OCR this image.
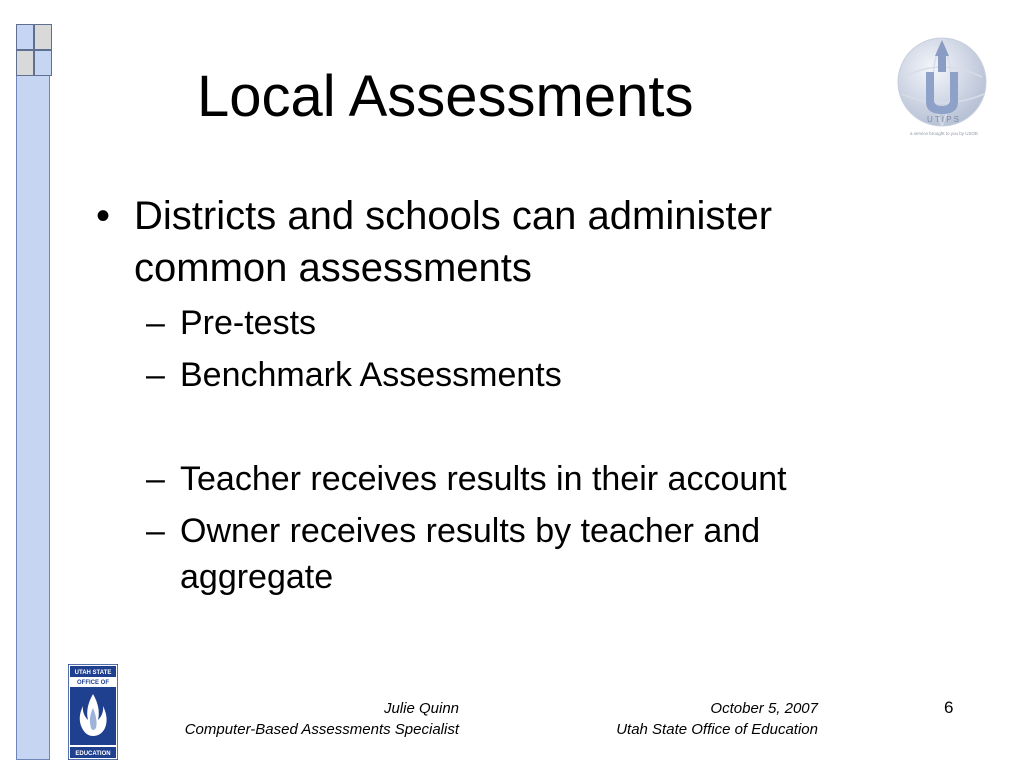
Local Assessments	U T I P S
a service brought to you by USOE
• Districts and schools can administer common assessments
– Pre-tests
– Benchmark Assessments
– Teacher receives results in their account
– Owner receives results by teacher and aggregate
UTAH STATE
OFFICE OF
EDUCATION
Julie Quinn
Computer-Based Assessments Specialist
October 5, 2007
Utah State Office of Education
6
